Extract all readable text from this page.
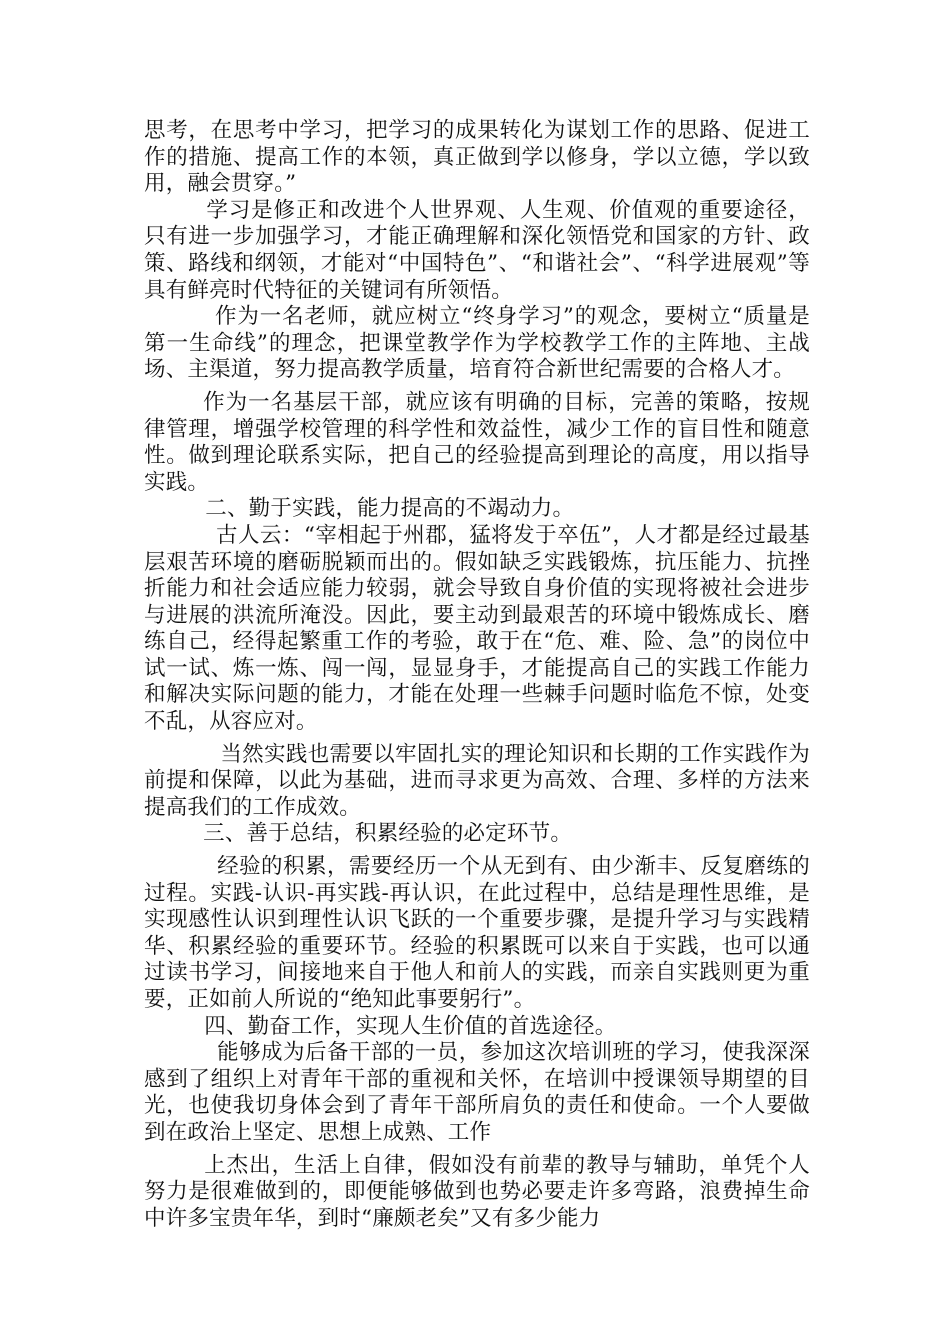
思考，在思考中学习，把学习的成果转化为谋划工作的思路、促进工作的措施、提高工作的本领，真正做到学以修身，学以立德，学以致用，融会贯穿。”

学习是修正和改进个人世界观、人生观、价值观的重要途径，只有进一步加强学习，才能正确理解和深化领悟党和国家的方针、政策、路线和纲领，才能对“中国特色”、“和谐社会”、“科学进展观”等具有鲜亮时代特征的关键词有所领悟。

作为一名老师，就应树立“终身学习”的观念，要树立“质量是第一生命线”的理念，把课堂教学作为学校教学工作的主阵地、主战场、主渠道，努力提高教学质量，培育符合新世纪需要的合格人才。

作为一名基层干部，就应该有明确的目标，完善的策略，按规律管理，增强学校管理的科学性和效益性，减少工作的盲目性和随意性。做到理论联系实际，把自己的经验提高到理论的高度，用以指导实践。

二、勤于实践，能力提高的不竭动力。

古人云：“宰相起于州郡，猛将发于卒伍”，人才都是经过最基层艰苦环境的磨砺脱颖而出的。假如缺乏实践锻炼，抗压能力、抗挫折能力和社会适应能力较弱，就会导致自身价值的实现将被社会进步与进展的洪流所淹没。因此，要主动到最艰苦的环境中锻炼成长、磨练自己，经得起繁重工作的考验，敢于在“危、难、险、急”的岗位中试一试、炼一炼、闯一闯，显显身手，才能提高自己的实践工作能力和解决实际问题的能力，才能在处理一些棘手问题时临危不惊，处变不乱，从容应对。

当然实践也需要以牢固扎实的理论知识和长期的工作实践作为前提和保障，以此为基础，进而寻求更为高效、合理、多样的方法来提高我们的工作成效。

三、善于总结，积累经验的必定环节。

经验的积累，需要经历一个从无到有、由少渐丰、反复磨练的过程。实践-认识-再实践-再认识，在此过程中，总结是理性思维，是实现感性认识到理性认识飞跃的一个重要步骤，是提升学习与实践精华、积累经验的重要环节。经验的积累既可以来自于实践，也可以通过读书学习，间接地来自于他人和前人的实践，而亲自实践则更为重要，正如前人所说的“绝知此事要躬行”。

四、勤奋工作，实现人生价值的首选途径。

能够成为后备干部的一员，参加这次培训班的学习，使我深深感到了组织上对青年干部的重视和关怀，在培训中授课领导期望的目光，也使我切身体会到了青年干部所肩负的责任和使命。一个人要做到在政治上坚定、思想上成熟、工作

上杰出，生活上自律，假如没有前辈的教导与辅助，单凭个人努力是很难做到的，即便能够做到也势必要走许多弯路，浪费掉生命中许多宝贵年华，到时“廉颇老矣”又有多少能力
